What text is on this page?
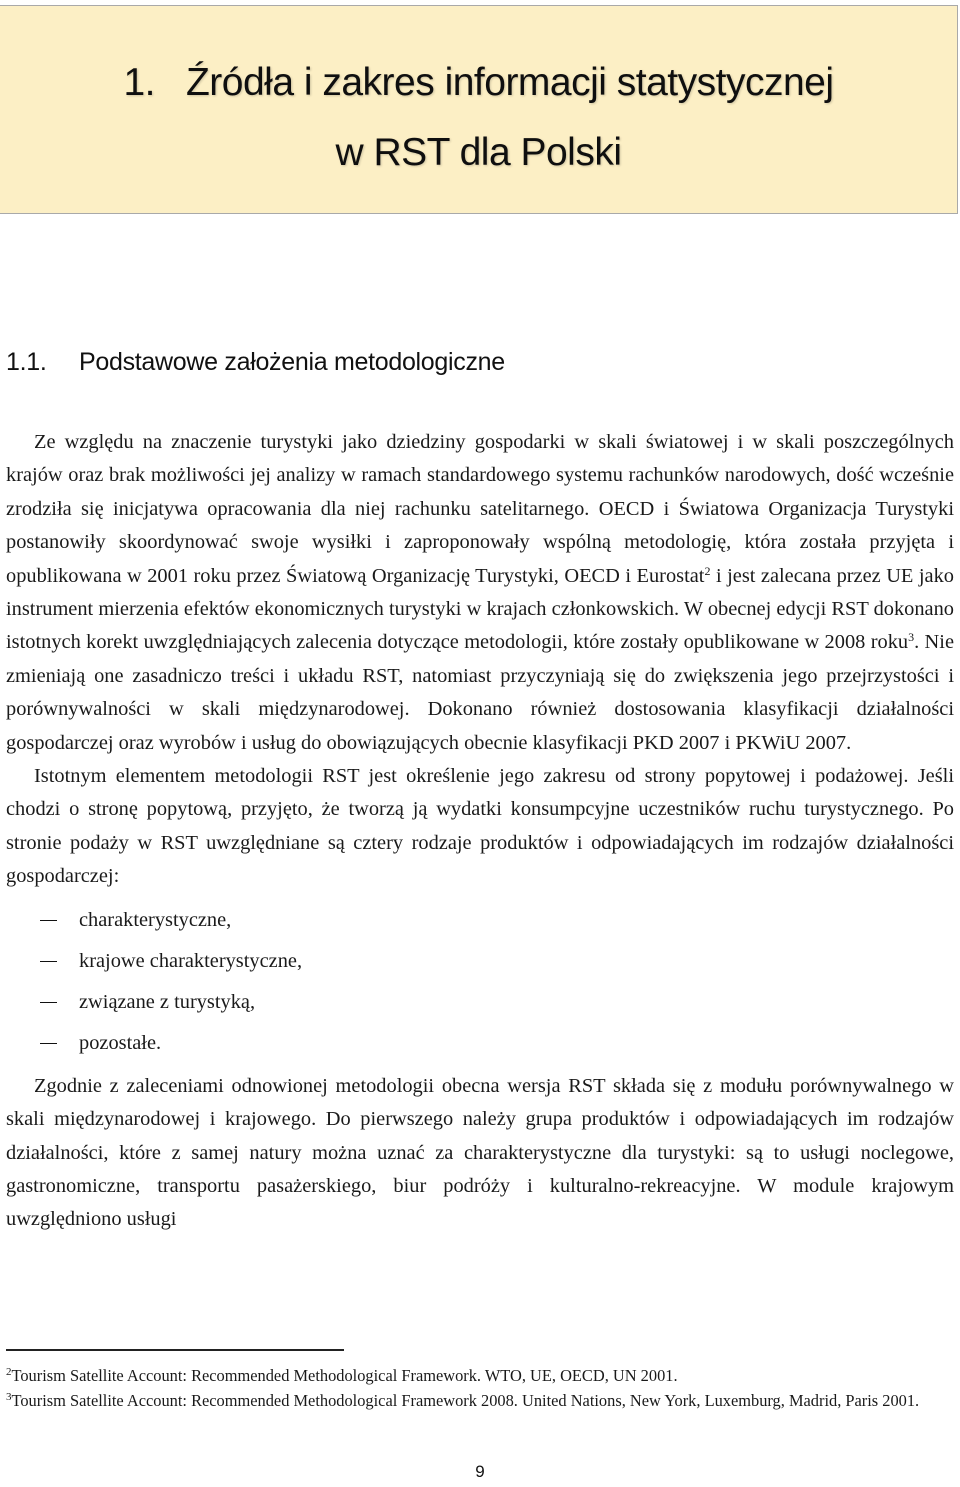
1.   Źródła i zakres informacji statystycznej
w RST dla Polski
1.1. Podstawowe założenia metodologiczne

Ze względu na znaczenie turystyki jako dziedziny gospodarki w skali światowej i w skali poszczególnych krajów oraz brak możliwości jej analizy w ramach standardowego systemu rachunków narodowych, dość wcześnie zrodziła się inicjatywa opracowania dla niej rachunku satelitarnego. OECD i Światowa Organizacja Turystyki postanowiły skoordynować swoje wysiłki i zaproponowały wspólną metodologię, która została przyjęta i opublikowana w 2001 roku przez Światową Organizację Turystyki, OECD i Eurostat$^2$ i jest zalecana przez UE jako instrument mierzenia efektów ekonomicznych turystyki w krajach członkowskich. W obecnej edycji RST dokonano istotnych korekt uwzględniających zalecenia dotyczące metodologii, które zostały opublikowane w 2008 roku$^3$. Nie zmieniają one zasadniczo treści i układu RST, natomiast przyczyniają się do zwiększenia jego przejrzystości i porównywalności w skali międzynarodowej. Dokonano również dostosowania klasyfikacji działalności gospodarczej oraz wyrobów i usług do obowiązujących obecnie klasyfikacji PKD 2007 i PKWiU 2007.

Istotnym elementem metodologii RST jest określenie jego zakresu od strony popytowej i podażowej. Jeśli chodzi o stronę popytową, przyjęto, że tworzą ją wydatki konsumpcyjne uczestników ruchu turystycznego. Po stronie podaży w RST uwzględniane są cztery rodzaje produktów i odpowiadających im rodzajów działalności gospodarczej:

charakterystyczne,
krajowe charakterystyczne,
związane z turystyką,
pozostałe.

Zgodnie z zaleceniami odnowionej metodologii obecna wersja RST składa się z modułu porównywalnego w skali międzynarodowej i krajowego. Do pierwszego należy grupa produktów i odpowiadających im rodzajów działalności, które z samej natury można uznać za charakterystyczne dla turystyki: są to usługi noclegowe, gastronomiczne, transportu pasażerskiego, biur podróży i kulturalno-rekreacyjne. W module krajowym uwzględniono usługi

$^2$Tourism Satellite Account: Recommended Methodological Framework. WTO, UE, OECD, UN 2001.

$^3$Tourism Satellite Account: Recommended Methodological Framework 2008. United Nations, New York, Luxemburg, Madrid, Paris 2001.

9
